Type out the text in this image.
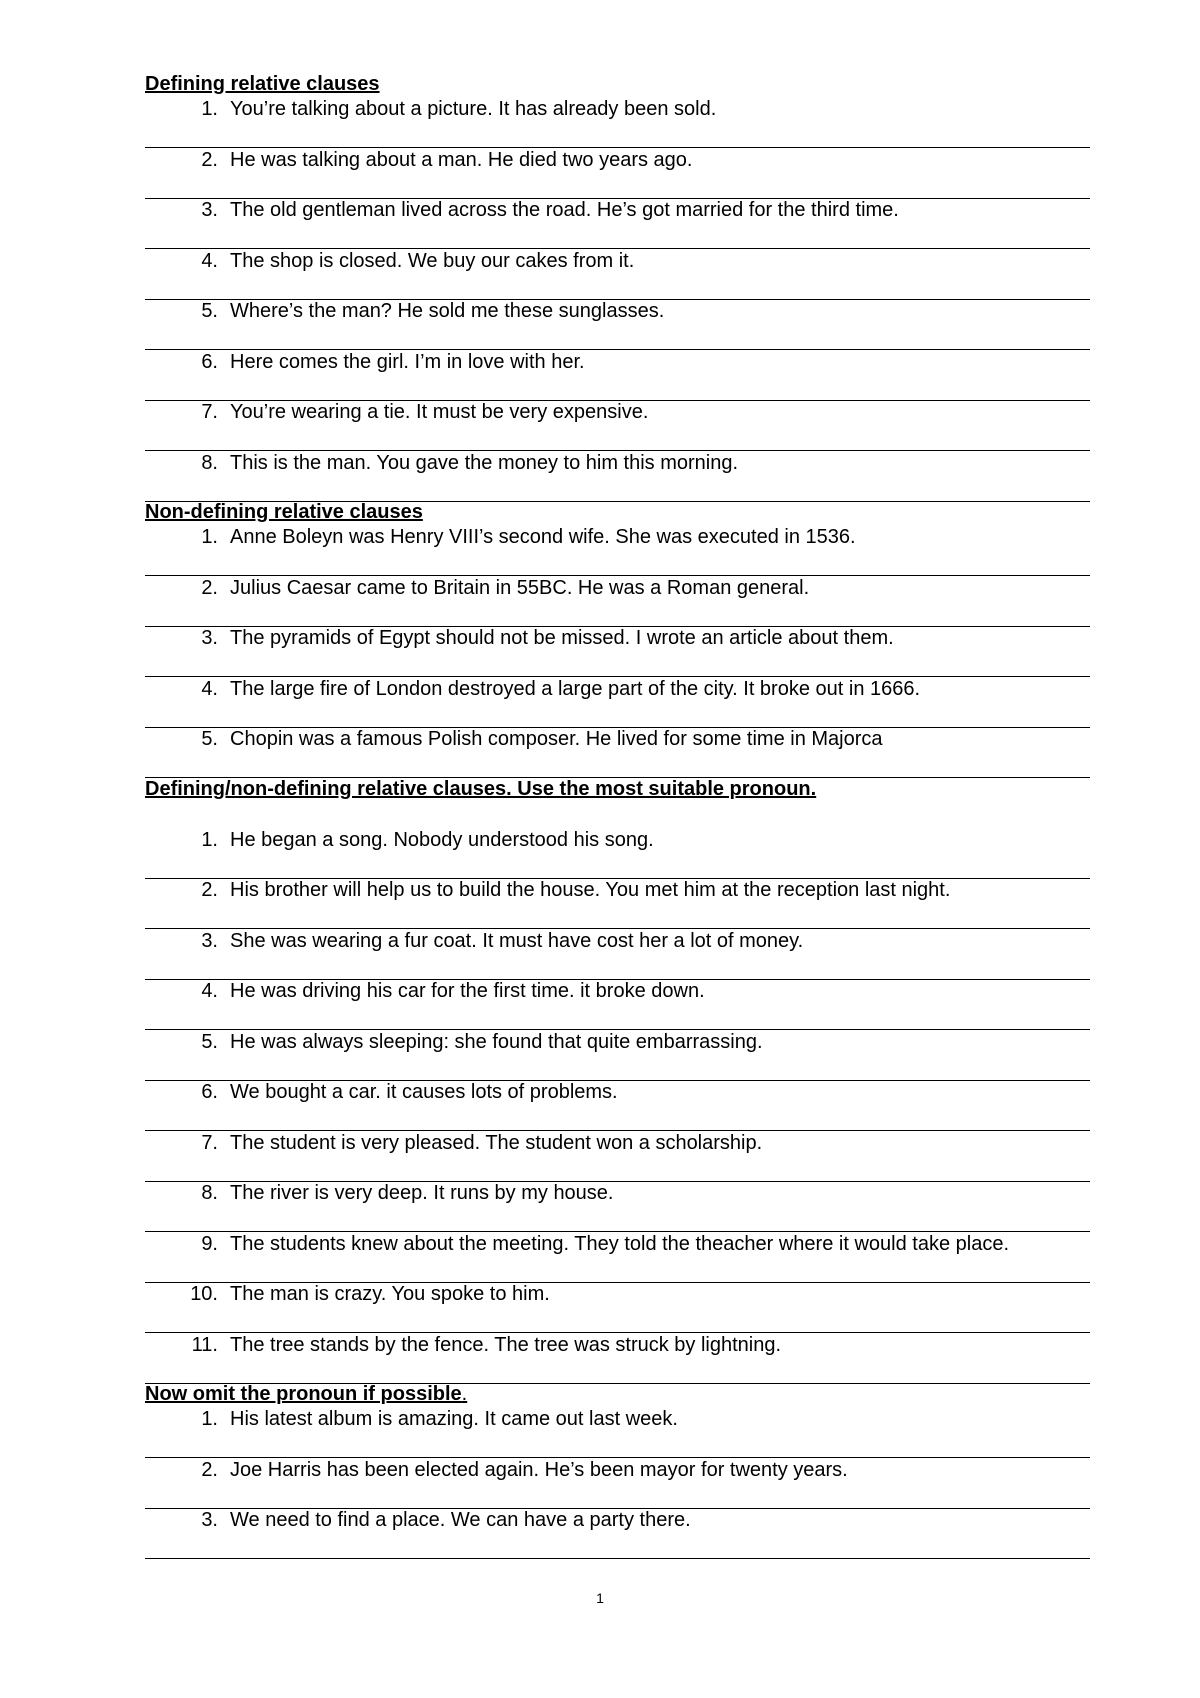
Defining relative clauses
1. You’re talking about a picture. It has already been sold.
2. He was talking about a man. He died two years ago.
3. The old gentleman lived across the road. He’s got married for the third time.
4. The shop is closed. We buy our cakes from it.
5. Where’s the man? He sold me these sunglasses.
6. Here comes the girl. I’m in love with her.
7. You’re wearing a tie. It must be very expensive.
8. This is the man. You gave the money to him this morning.
Non-defining relative clauses
1. Anne Boleyn was Henry VIII’s second wife. She was executed in 1536.
2. Julius Caesar came to Britain in 55BC. He was a Roman general.
3. The pyramids of Egypt should not be missed. I wrote an article about them.
4. The large fire of London destroyed a large part of the city. It broke out in 1666.
5. Chopin was a famous Polish composer. He lived for some time in Majorca
Defining/non-defining relative clauses. Use the most suitable pronoun.
1. He began a song. Nobody understood his song.
2. His brother will help us to build the house. You met him at the reception last night.
3. She was wearing a fur coat. It must have cost her a lot of money.
4. He was driving his car for the first time. it broke down.
5. He was always sleeping: she found that quite embarrassing.
6. We bought a car. it causes lots of problems.
7. The student is very pleased. The student won a scholarship.
8. The river is very deep. It runs by my house.
9. The students knew about the meeting. They told the theacher where it would take place.
10. The man is crazy. You spoke to him.
11. The tree stands by the fence. The tree was struck by lightning.
Now omit the pronoun if possible.
1. His latest album is amazing. It came out last week.
2. Joe Harris has been elected again. He’s been mayor for twenty years.
3. We need to find a place. We can have a party there.
1
